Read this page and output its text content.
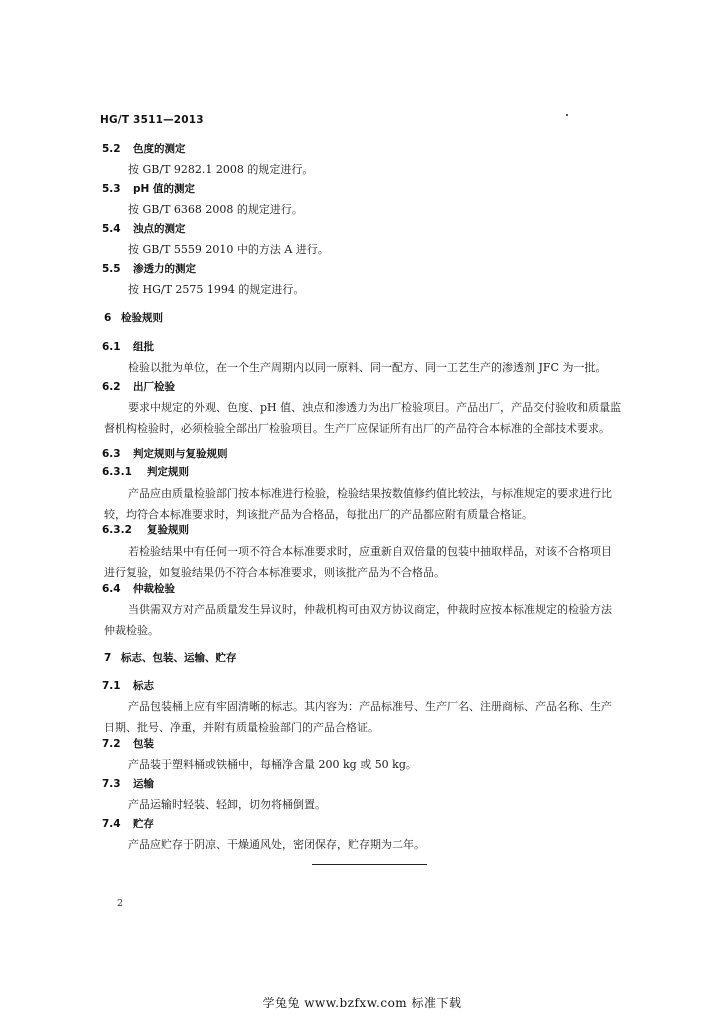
HG/T 3511—2013
5.2 色度的测定
按 GB/T 9282.1 2008 的规定进行。
5.3 pH 值的测定
按 GB/T 6368 2008 的规定进行。
5.4 浊点的测定
按 GB/T 5559 2010 中的方法 A 进行。
5.5 渗透力的测定
按 HG/T 2575 1994 的规定进行。
6 检验规则
6.1 组批
检验以批为单位，在一个生产周期内以同一原料、同一配方、同一工艺生产的渗透剂 JFC 为一批。
6.2 出厂检验
要求中规定的外观、色度、pH 值、浊点和渗透力为出厂检验项目。产品出厂，产品交付验收和质量监督机构检验时，必须检验全部出厂检验项目。生产厂应保证所有出厂的产品符合本标准的全部技术要求。
6.3 判定规则与复验规则
6.3.1 判定规则
产品应由质量检验部门按本标准进行检验，检验结果按数值修约值比较法，与标准规定的要求进行比较，均符合本标准要求时，判该批产品为合格品，每批出厂的产品都应附有质量合格证。
6.3.2 复验规则
若检验结果中有任何一项不符合本标准要求时，应重新自双倍量的包装中抽取样品，对该不合格项目进行复验，如复验结果仍不符合本标准要求，则该批产品为不合格品。
6.4 仲裁检验
当供需双方对产品质量发生异议时，仲裁机构可由双方协议商定，仲裁时应按本标准规定的检验方法仲裁检验。
7 标志、包装、运输、贮存
7.1 标志
产品包装桶上应有牢固清晰的标志。其内容为：产品标准号、生产厂名、注册商标、产品名称、生产日期、批号、净重，并附有质量检验部门的产品合格证。
7.2 包装
产品装于塑料桶或铁桶中，每桶净含量 200 kg 或 50 kg。
7.3 运输
产品运输时轻装、轻卸，切勿将桶倒置。
7.4 贮存
产品应贮存于阴凉、干燥通风处，密闭保存，贮存期为二年。
2
学兔兔 www.bzfxw.com 标准下载
